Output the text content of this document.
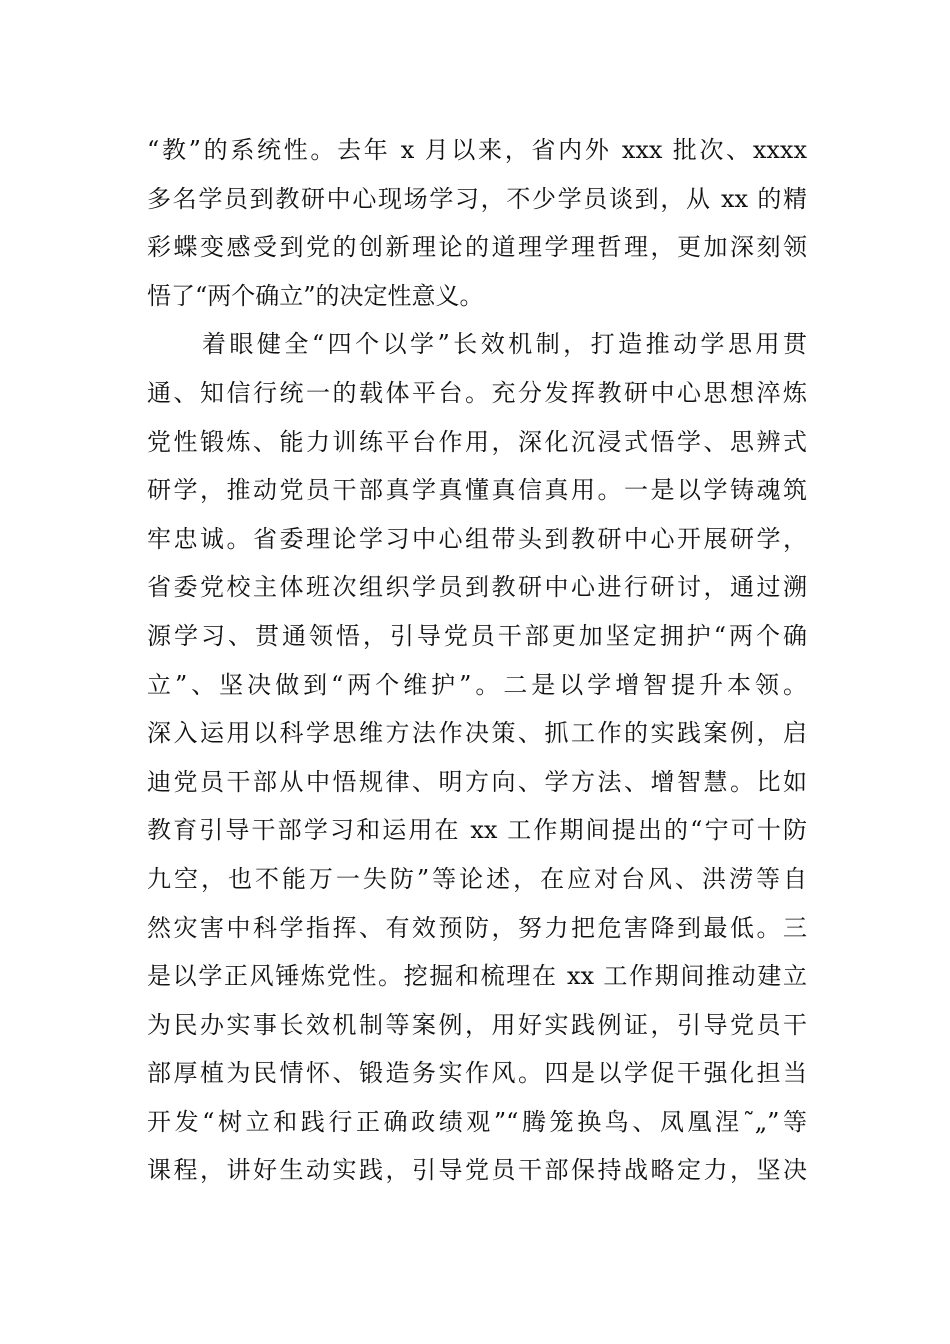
“教”的系统性。去年 x 月以来，省内外 xxx 批次、xxxx
多名学员到教研中心现场学习，不少学员谈到，从 xx 的精
彩蝶变感受到党的创新理论的道理学理哲理，更加深刻领
悟了“两个确立”的决定性意义。
　　着眼健全“四个以学”长效机制，打造推动学思用贯
通、知信行统一的载体平台。充分发挥教研中心思想淬炼
党性锻炼、能力训练平台作用，深化沉浸式悟学、思辨式
研学，推动党员干部真学真懂真信真用。一是以学铸魂筑
牢忠诚。省委理论学习中心组带头到教研中心开展研学，
省委党校主体班次组织学员到教研中心进行研讨，通过溯
源学习、贯通领悟，引导党员干部更加坚定拥护“两个确
立”、坚决做到“两个维护”。二是以学增智提升本领。
深入运用以科学思维方法作决策、抓工作的实践案例，启
迪党员干部从中悟规律、明方向、学方法、增智慧。比如
教育引导干部学习和运用在 xx 工作期间提出的“宁可十防
九空，也不能万一失防”等论述，在应对台风、洪涝等自
然灾害中科学指挥、有效预防，努力把危害降到最低。三
是以学正风锤炼党性。挖掘和梳理在 xx 工作期间推动建立
为民办实事长效机制等案例，用好实践例证，引导党员干
部厚植为民情怀、锻造务实作风。四是以学促干强化担当
开发“树立和践行正确政绩观”“腾笼换鸟、凤凰涅˜„”等
课程，讲好生动实践，引导党员干部保持战略定力，坚决
